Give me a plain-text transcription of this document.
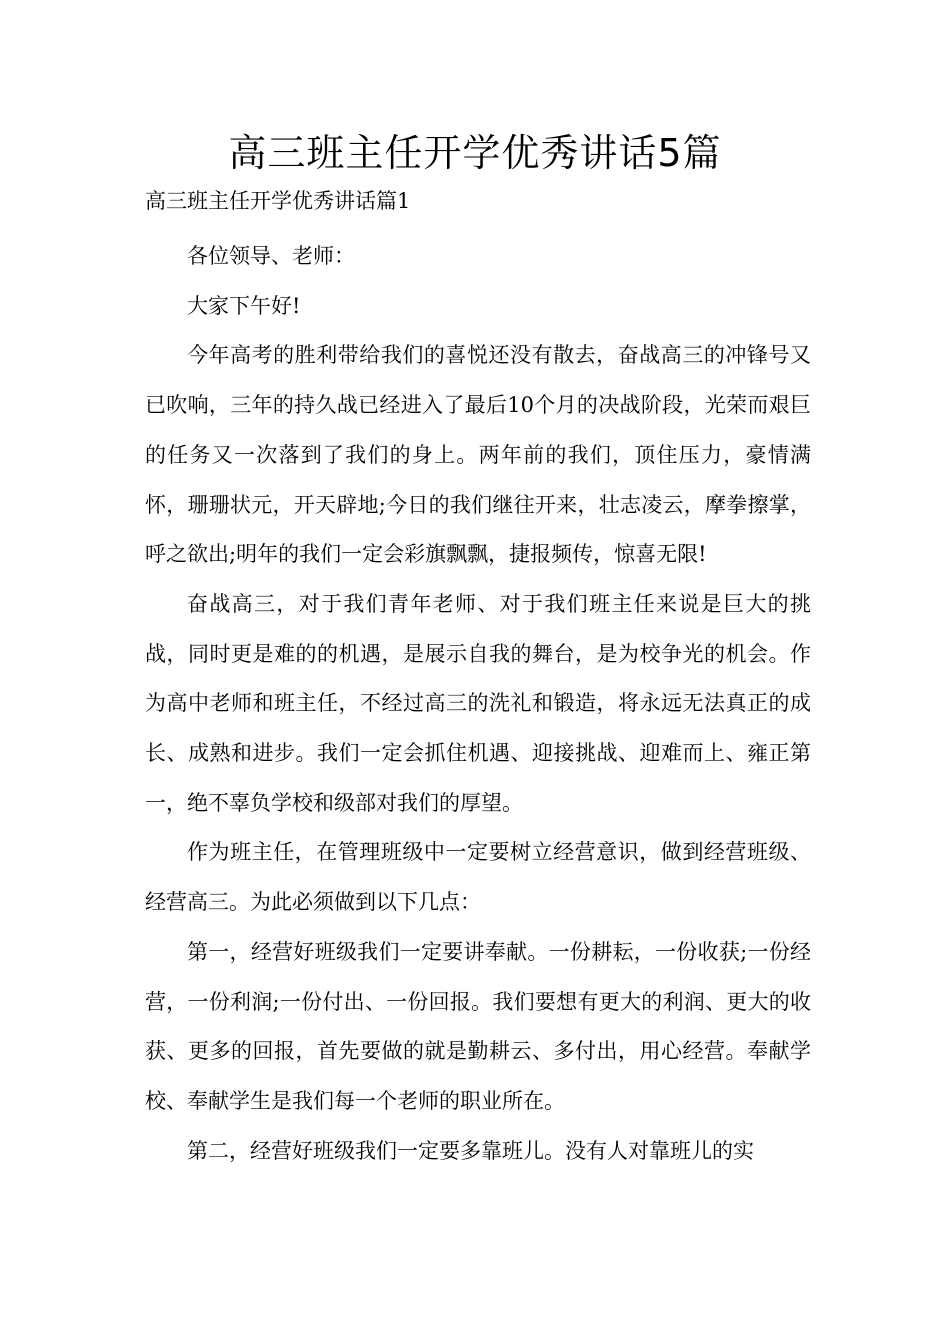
高三班主任开学优秀讲话5篇
高三班主任开学优秀讲话篇1

各位领导、老师：

大家下午好!

今年高考的胜利带给我们的喜悦还没有散去，奋战高三的冲锋号又已吹响，三年的持久战已经进入了最后10个月的决战阶段，光荣而艰巨的任务又一次落到了我们的身上。两年前的我们，顶住压力，豪情满怀，珊珊状元，开天辟地;今日的我们继往开来，壮志凌云，摩拳擦掌，呼之欲出;明年的我们一定会彩旗飘飘，捷报频传，惊喜无限!

奋战高三，对于我们青年老师、对于我们班主任来说是巨大的挑战，同时更是难的的机遇，是展示自我的舞台，是为校争光的机会。作为高中老师和班主任，不经过高三的洗礼和锻造，将永远无法真正的成长、成熟和进步。我们一定会抓住机遇、迎接挑战、迎难而上、雍正第一，绝不辜负学校和级部对我们的厚望。

作为班主任，在管理班级中一定要树立经营意识，做到经营班级、经营高三。为此必须做到以下几点：

第一，经营好班级我们一定要讲奉献。一份耕耘，一份收获;一份经营，一份利润;一份付出、一份回报。我们要想有更大的利润、更大的收获、更多的回报，首先要做的就是勤耕云、多付出，用心经营。奉献学校、奉献学生是我们每一个老师的职业所在。

第二，经营好班级我们一定要多靠班儿。没有人对靠班儿的实
